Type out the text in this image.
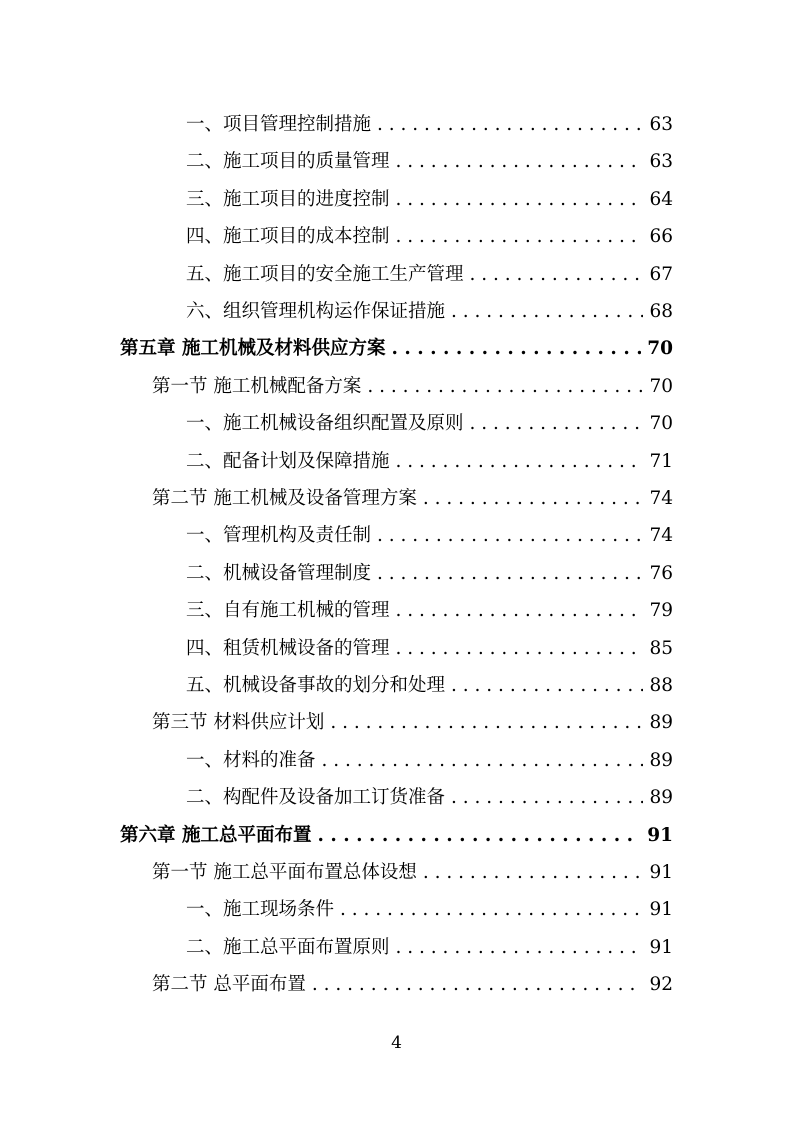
一、项目管理控制措施 . . .	63
二、施工项目的质量管理 . . .	63
三、施工项目的进度控制 . . .	64
四、施工项目的成本控制 . . .	66
五、施工项目的安全施工生产管理 . . .	67
六、组织管理机构运作保证措施 . . .	68
第五章 施工机械及材料供应方案 . . .	70
第一节 施工机械配备方案 . . .	70
一、施工机械设备组织配置及原则 . . .	70
二、配备计划及保障措施 . . .	71
第二节 施工机械及设备管理方案 . . .	74
一、管理机构及责任制 . . .	74
二、机械设备管理制度 . . .	76
三、自有施工机械的管理 . . .	79
四、租赁机械设备的管理 . . .	85
五、机械设备事故的划分和处理 . . .	88
第三节 材料供应计划 . . .	89
一、材料的准备 . . .	89
二、构配件及设备加工订货准备 . . .	89
第六章 施工总平面布置 . . .	91
第一节 施工总平面布置总体设想 . . .	91
一、施工现场条件 . . .	91
二、施工总平面布置原则 . . .	91
第二节 总平面布置 . . .	92
4
